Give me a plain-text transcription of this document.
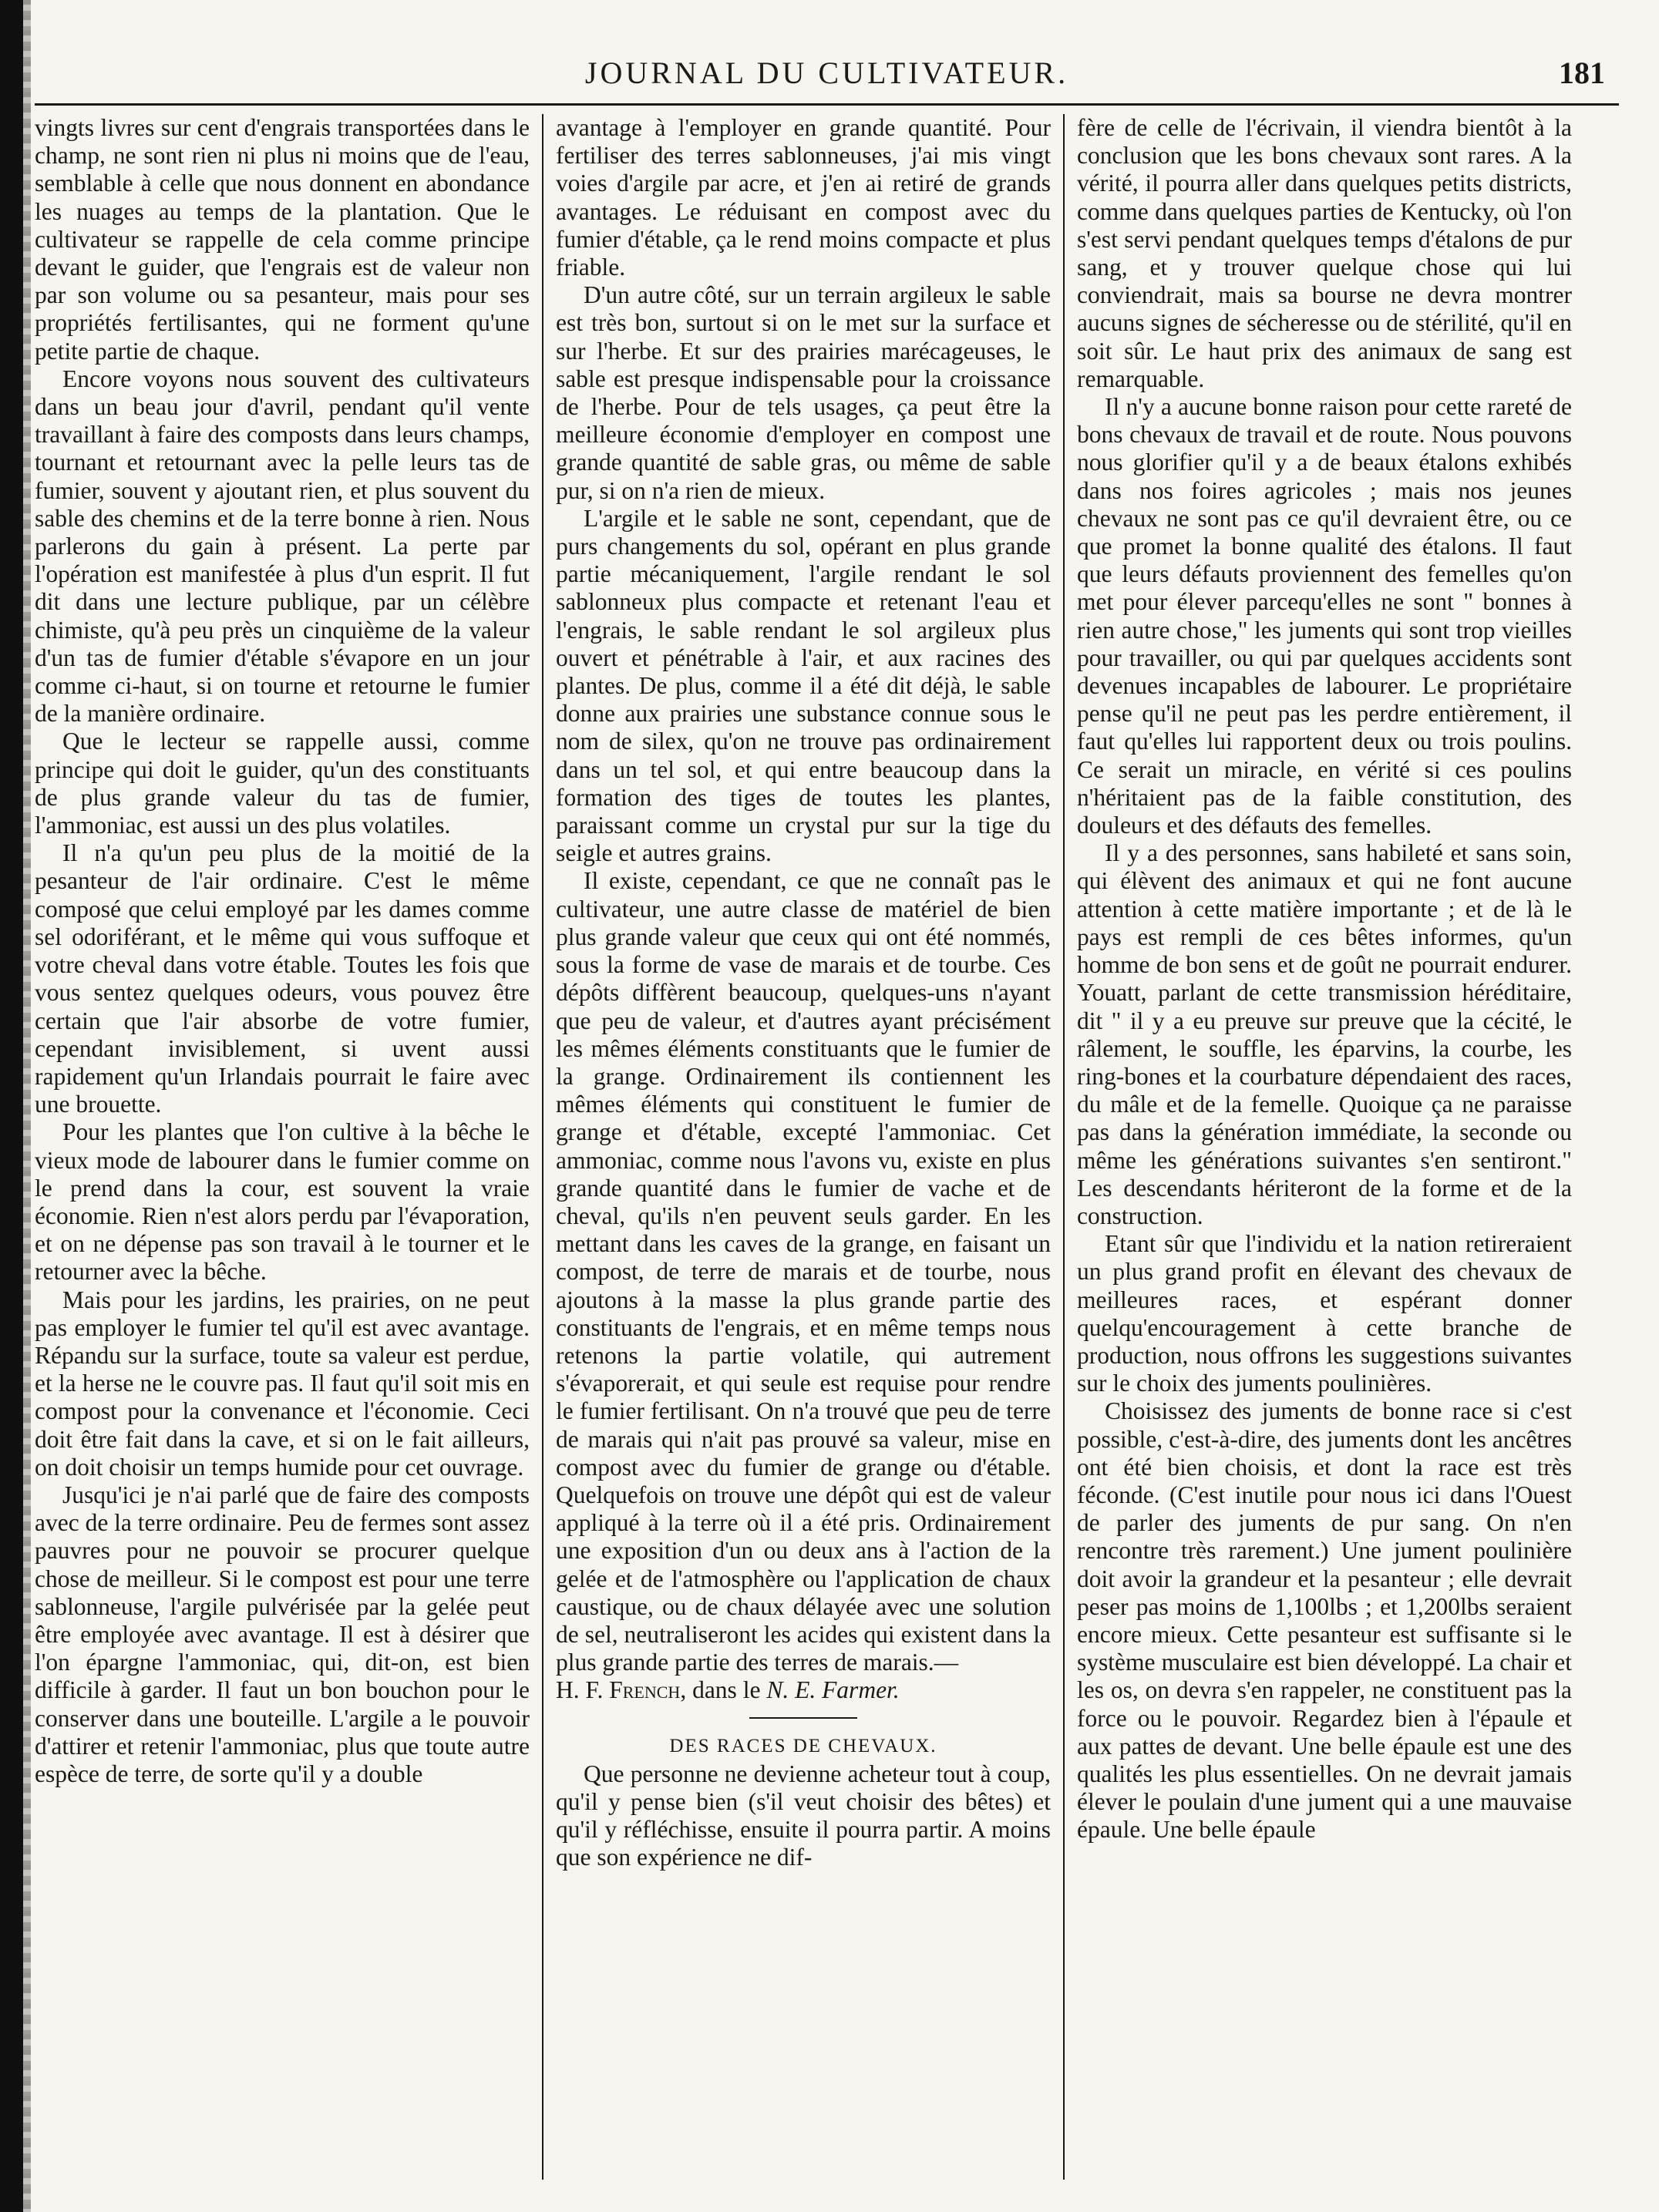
JOURNAL DU CULTIVATEUR.	181

vingts livres sur cent d'engrais transportées dans le champ, ne sont rien ni plus ni moins que de l'eau, semblable à celle que nous donnent en abondance les nuages au temps de la plantation. Que le cultivateur se rappelle de cela comme principe devant le guider, que l'engrais est de valeur non par son volume ou sa pesanteur, mais pour ses propriétés fertilisantes, qui ne forment qu'une petite partie de chaque.

Encore voyons nous souvent des cultivateurs dans un beau jour d'avril, pendant qu'il vente travaillant à faire des composts dans leurs champs, tournant et retournant avec la pelle leurs tas de fumier, souvent y ajoutant rien, et plus souvent du sable des chemins et de la terre bonne à rien. Nous parlerons du gain à présent. La perte par l'opération est manifestée à plus d'un esprit. Il fut dit dans une lecture publique, par un célèbre chimiste, qu'à peu près un cinquième de la valeur d'un tas de fumier d'étable s'évapore en un jour comme ci-haut, si on tourne et retourne le fumier de la manière ordinaire.

Que le lecteur se rappelle aussi, comme principe qui doit le guider, qu'un des constituants de plus grande valeur du tas de fumier, l'ammoniac, est aussi un des plus volatiles.

Il n'a qu'un peu plus de la moitié de la pesanteur de l'air ordinaire. C'est le même composé que celui employé par les dames comme sel odoriférant, et le même qui vous suffoque et votre cheval dans votre étable. Toutes les fois que vous sentez quelques odeurs, vous pouvez être certain que l'air absorbe de votre fumier, cependant invisiblement, si uvent aussi rapidement qu'un Irlandais pourrait le faire avec une brouette.

Pour les plantes que l'on cultive à la bêche le vieux mode de labourer dans le fumier comme on le prend dans la cour, est souvent la vraie économie. Rien n'est alors perdu par l'évaporation, et on ne dépense pas son travail à le tourner et le retourner avec la bêche.

Mais pour les jardins, les prairies, on ne peut pas employer le fumier tel qu'il est avec avantage. Répandu sur la surface, toute sa valeur est perdue, et la herse ne le couvre pas. Il faut qu'il soit mis en compost pour la convenance et l'économie. Ceci doit être fait dans la cave, et si on le fait ailleurs, on doit choisir un temps humide pour cet ouvrage.

Jusqu'ici je n'ai parlé que de faire des composts avec de la terre ordinaire. Peu de fermes sont assez pauvres pour ne pouvoir se procurer quelque chose de meilleur. Si le compost est pour une terre sablonneuse, l'argile pulvérisée par la gelée peut être employée avec avantage. Il est à désirer que l'on épargne l'ammoniac, qui, dit-on, est bien difficile à garder. Il faut un bon bouchon pour le conserver dans une bouteille. L'argile a le pouvoir d'attirer et retenir l'ammoniac, plus que toute autre espèce de terre, de sorte qu'il y a double

avantage à l'employer en grande quantité. Pour fertiliser des terres sablonneuses, j'ai mis vingt voies d'argile par acre, et j'en ai retiré de grands avantages. Le réduisant en compost avec du fumier d'étable, ça le rend moins compacte et plus friable.

D'un autre côté, sur un terrain argileux le sable est très bon, surtout si on le met sur la surface et sur l'herbe. Et sur des prairies marécageuses, le sable est presque indispensable pour la croissance de l'herbe. Pour de tels usages, ça peut être la meilleure économie d'employer en compost une grande quantité de sable gras, ou même de sable pur, si on n'a rien de mieux.

L'argile et le sable ne sont, cependant, que de purs changements du sol, opérant en plus grande partie mécaniquement, l'argile rendant le sol sablonneux plus compacte et retenant l'eau et l'engrais, le sable rendant le sol argileux plus ouvert et pénétrable à l'air, et aux racines des plantes. De plus, comme il a été dit déjà, le sable donne aux prairies une substance connue sous le nom de silex, qu'on ne trouve pas ordinairement dans un tel sol, et qui entre beaucoup dans la formation des tiges de toutes les plantes, paraissant comme un crystal pur sur la tige du seigle et autres grains.

Il existe, cependant, ce que ne connaît pas le cultivateur, une autre classe de matériel de bien plus grande valeur que ceux qui ont été nommés, sous la forme de vase de marais et de tourbe. Ces dépôts diffèrent beaucoup, quelques-uns n'ayant que peu de valeur, et d'autres ayant précisément les mêmes éléments constituants que le fumier de la grange. Ordinairement ils contiennent les mêmes éléments qui constituent le fumier de grange et d'étable, excepté l'ammoniac. Cet ammoniac, comme nous l'avons vu, existe en plus grande quantité dans le fumier de vache et de cheval, qu'ils n'en peuvent seuls garder. En les mettant dans les caves de la grange, en faisant un compost, de terre de marais et de tourbe, nous ajoutons à la masse la plus grande partie des constituants de l'engrais, et en même temps nous retenons la partie volatile, qui autrement s'évaporerait, et qui seule est requise pour rendre le fumier fertilisant. On n'a trouvé que peu de terre de marais qui n'ait pas prouvé sa valeur, mise en compost avec du fumier de grange ou d'étable. Quelquefois on trouve une dépôt qui est de valeur appliqué à la terre où il a été pris. Ordinairement une exposition d'un ou deux ans à l'action de la gelée et de l'atmosphère ou l'application de chaux caustique, ou de chaux délayée avec une solution de sel, neutraliseront les acides qui existent dans la plus grande partie des terres de marais.—

H. F. French, dans le N. E. Farmer.

DES RACES DE CHEVAUX.

Que personne ne devienne acheteur tout à coup, qu'il y pense bien (s'il veut choisir des bêtes) et qu'il y réfléchisse, ensuite il pourra partir. A moins que son expérience ne dif-

fère de celle de l'écrivain, il viendra bientôt à la conclusion que les bons chevaux sont rares. A la vérité, il pourra aller dans quelques petits districts, comme dans quelques parties de Kentucky, où l'on s'est servi pendant quelques temps d'étalons de pur sang, et y trouver quelque chose qui lui conviendrait, mais sa bourse ne devra montrer aucuns signes de sécheresse ou de stérilité, qu'il en soit sûr. Le haut prix des animaux de sang est remarquable.

Il n'y a aucune bonne raison pour cette rareté de bons chevaux de travail et de route. Nous pouvons nous glorifier qu'il y a de beaux étalons exhibés dans nos foires agricoles ; mais nos jeunes chevaux ne sont pas ce qu'il devraient être, ou ce que promet la bonne qualité des étalons. Il faut que leurs défauts proviennent des femelles qu'on met pour élever parcequ'elles ne sont " bonnes à rien autre chose," les juments qui sont trop vieilles pour travailler, ou qui par quelques accidents sont devenues incapables de labourer. Le propriétaire pense qu'il ne peut pas les perdre entièrement, il faut qu'elles lui rapportent deux ou trois poulins. Ce serait un miracle, en vérité si ces poulins n'héritaient pas de la faible constitution, des douleurs et des défauts des femelles.

Il y a des personnes, sans habileté et sans soin, qui élèvent des animaux et qui ne font aucune attention à cette matière importante ; et de là le pays est rempli de ces bêtes informes, qu'un homme de bon sens et de goût ne pourrait endurer. Youatt, parlant de cette transmission héréditaire, dit " il y a eu preuve sur preuve que la cécité, le râlement, le souffle, les éparvins, la courbe, les ring-bones et la courbature dépendaient des races, du mâle et de la femelle. Quoique ça ne paraisse pas dans la génération immédiate, la seconde ou même les générations suivantes s'en sentiront." Les descendants hériteront de la forme et de la construction.

Etant sûr que l'individu et la nation retireraient un plus grand profit en élevant des chevaux de meilleures races, et espérant donner quelqu'encouragement à cette branche de production, nous offrons les suggestions suivantes sur le choix des juments poulinières.

Choisissez des juments de bonne race si c'est possible, c'est-à-dire, des juments dont les ancêtres ont été bien choisis, et dont la race est très féconde. (C'est inutile pour nous ici dans l'Ouest de parler des juments de pur sang. On n'en rencontre très rarement.) Une jument poulinière doit avoir la grandeur et la pesanteur ; elle devrait peser pas moins de 1,100lbs ; et 1,200lbs seraient encore mieux. Cette pesanteur est suffisante si le système musculaire est bien développé. La chair et les os, on devra s'en rappeler, ne constituent pas la force ou le pouvoir. Regardez bien à l'épaule et aux pattes de devant. Une belle épaule est une des qualités les plus essentielles. On ne devrait jamais élever le poulain d'une jument qui a une mauvaise épaule. Une belle épaule
